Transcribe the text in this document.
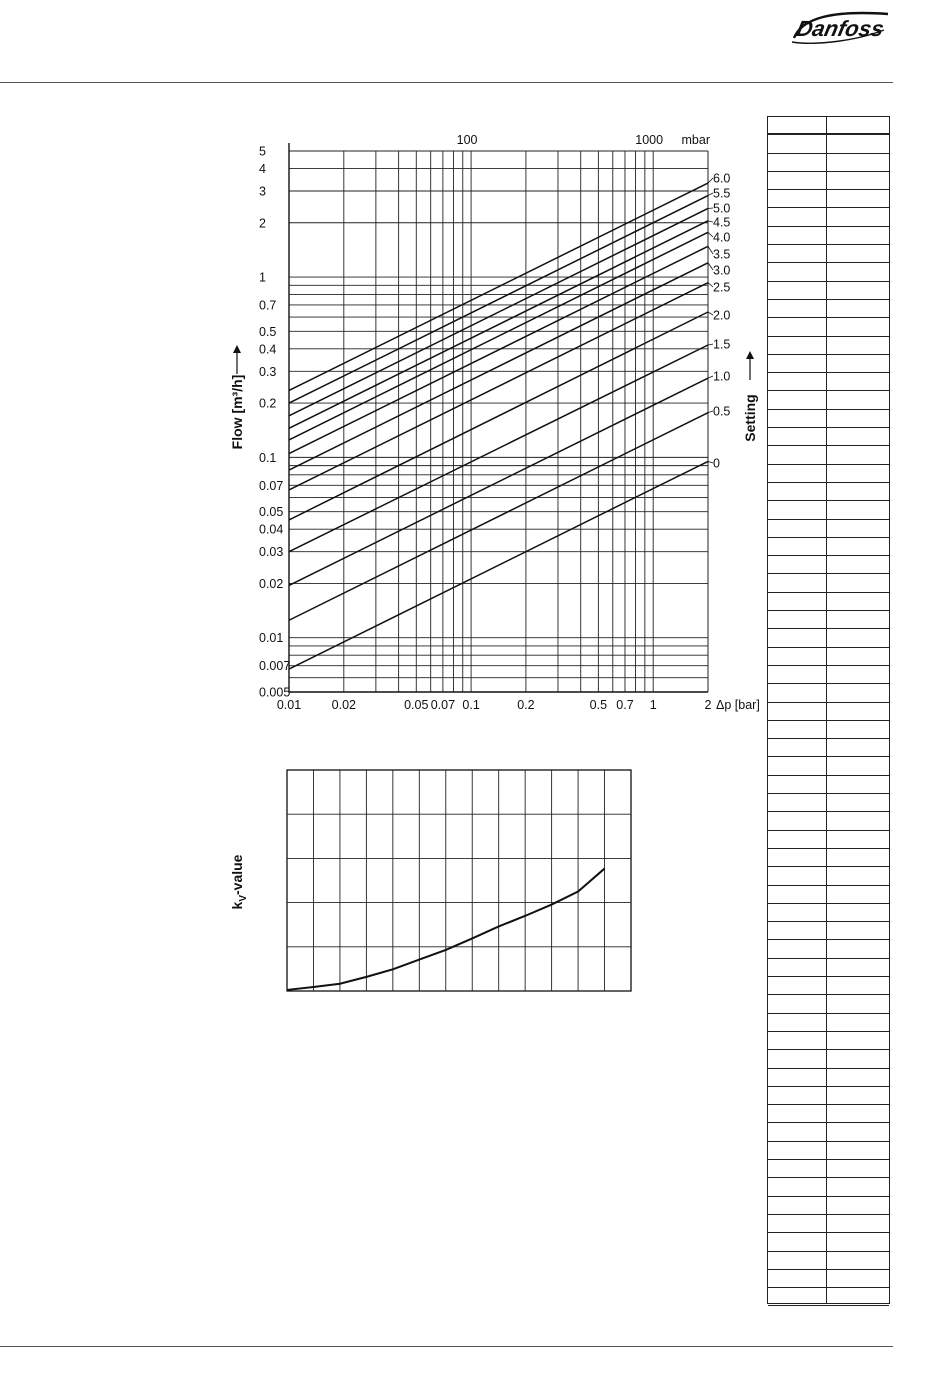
Danfoss
0.01 0.02	0.05 0.07 0.1	0.2	0.5 0.7 1	2 Δp [bar]
100	1000 mbar
0.005
0.007
0.01
0.02
0.03
0.04
0.05
0.07
0.1
0.2
0.3
0.4
0.5
0.7
1
2
3
4
5
Flow [m³/h]	Setting
6.0
5.5
5.0
4.5
4.0
3.5
3.0
2.5
2.0
1.5
1.0
0.5
0
$k_V$-value
